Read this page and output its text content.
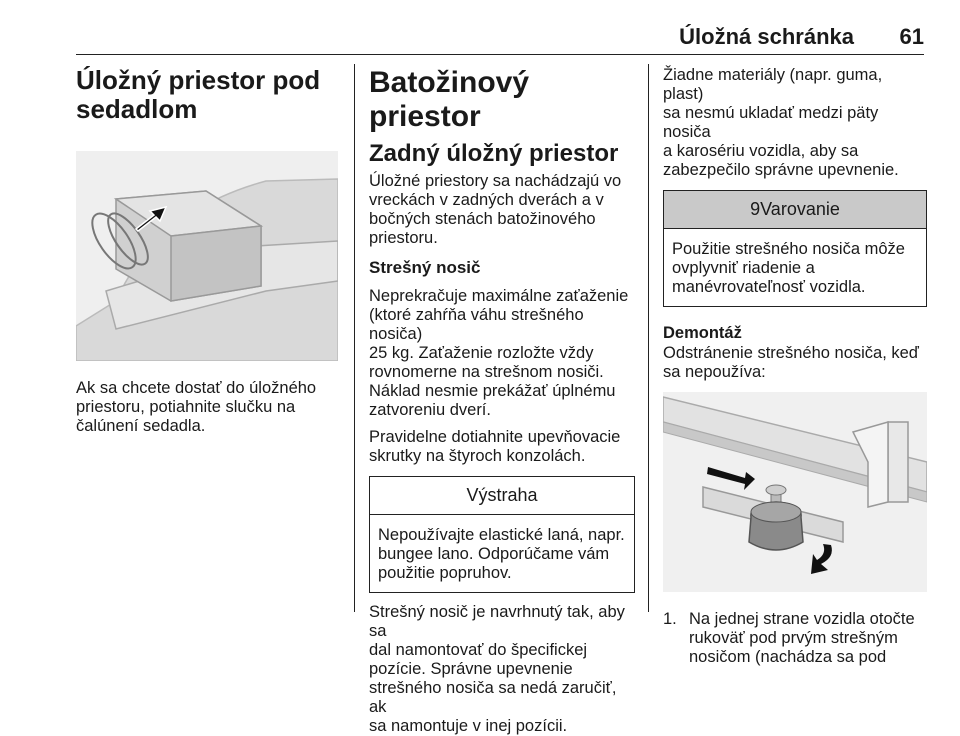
Úložná schránka 61
Úložný priestor pod
sedadlom

Ak sa chcete dostať do úložného
priestoru, potiahnite slučku na
čalúnení sedadla.

Batožinový priestor
Zadný úložný priestor

Úložné priestory sa nachádzajú vo
vreckách v zadných dverách a v
bočných stenách batožinového
priestoru.

Strešný nosič

Neprekračuje maximálne zaťaženie
(ktoré zahŕňa váhu strešného nosiča)
25 kg. Zaťaženie rozložte vždy
rovnomerne na strešnom nosiči.
Náklad nesmie prekážať úplnému
zatvoreniu dverí.

Pravidelne dotiahnite upevňovacie
skrutky na štyroch konzolách.

Výstraha
Nepoužívajte elastické laná, napr.
bungee lano. Odporúčame vám
použitie popruhov.

Strešný nosič je navrhnutý tak, aby sa
dal namontovať do špecifickej
pozície. Správne upevnenie
strešného nosiča sa nedá zaručiť, ak
sa namontuje v inej pozícii.

Žiadne materiály (napr. guma, plast)
sa nesmú ukladať medzi päty nosiča
a karosériu vozidla, aby sa
zabezpečilo správne upevnenie.

9Varovanie
Použitie strešného nosiča môže
ovplyvniť riadenie a
manévrovateľnosť vozidla.
Demontáž

Odstránenie strešného nosiča, keď
sa nepoužíva:

1. Na jednej strane vozidla otočte
rukoväť pod prvým strešným
nosičom (nachádza sa pod
